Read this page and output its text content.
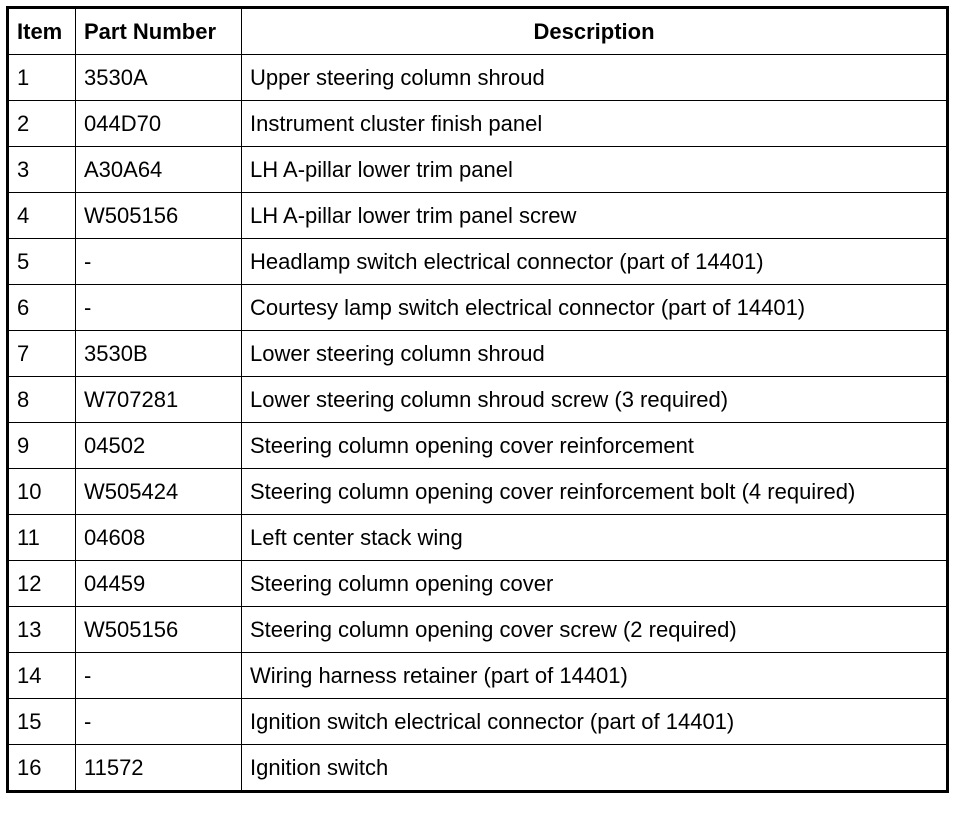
Item	Part Number	Description
1	3530A	Upper steering column shroud
2	044D70	Instrument cluster finish panel
3	A30A64	LH A-pillar lower trim panel
4	W505156	LH A-pillar lower trim panel screw
5	-	Headlamp switch electrical connector (part of 14401)
6	-	Courtesy lamp switch electrical connector (part of 14401)
7	3530B	Lower steering column shroud
8	W707281	Lower steering column shroud screw (3 required)
9	04502	Steering column opening cover reinforcement
10	W505424	Steering column opening cover reinforcement bolt (4 required)
11	04608	Left center stack wing
12	04459	Steering column opening cover
13	W505156	Steering column opening cover screw (2 required)
14	-	Wiring harness retainer (part of 14401)
15	-	Ignition switch electrical connector (part of 14401)
16	11572	Ignition switch
